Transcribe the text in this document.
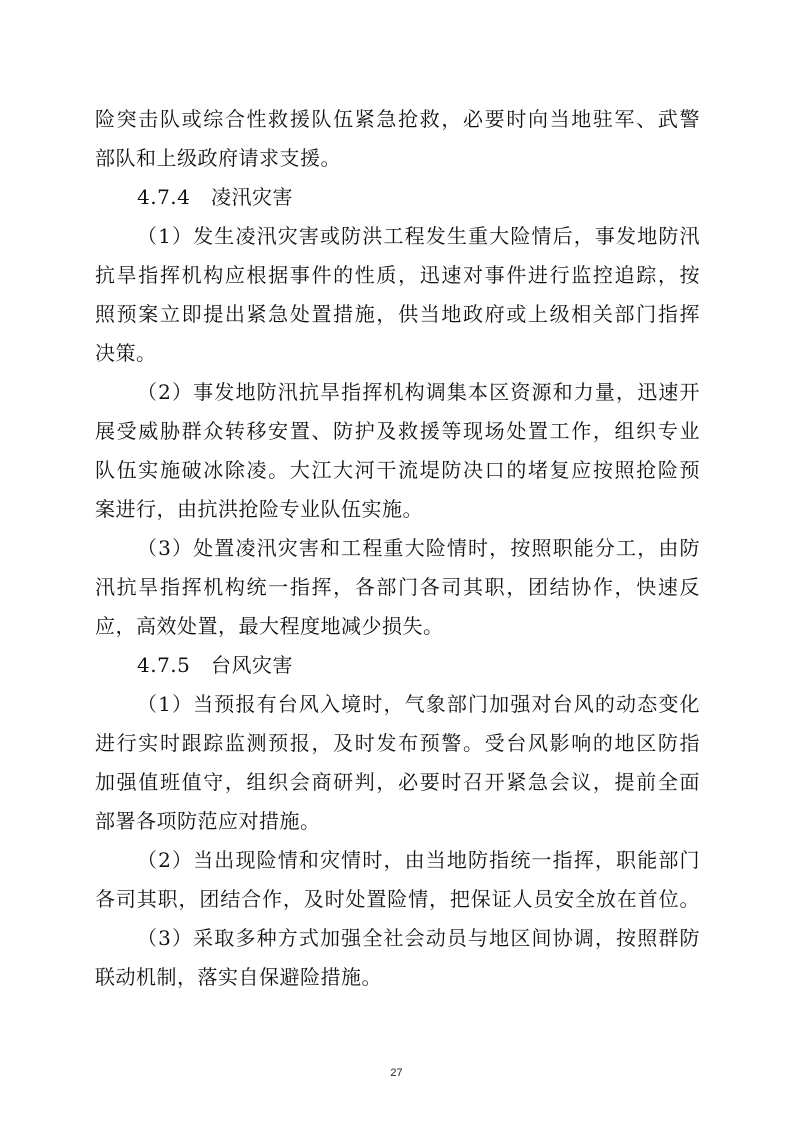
险突击队或综合性救援队伍紧急抢救，必要时向当地驻军、武警
部队和上级政府请求支援。
4.7.4 凌汛灾害
（1）发生凌汛灾害或防洪工程发生重大险情后，事发地防汛
抗旱指挥机构应根据事件的性质，迅速对事件进行监控追踪，按
照预案立即提出紧急处置措施，供当地政府或上级相关部门指挥
决策。
（2）事发地防汛抗旱指挥机构调集本区资源和力量，迅速开
展受威胁群众转移安置、防护及救援等现场处置工作，组织专业
队伍实施破冰除凌。大江大河干流堤防决口的堵复应按照抢险预
案进行，由抗洪抢险专业队伍实施。
（3）处置凌汛灾害和工程重大险情时，按照职能分工，由防
汛抗旱指挥机构统一指挥，各部门各司其职，团结协作，快速反
应，高效处置，最大程度地减少损失。
4.7.5 台风灾害
（1）当预报有台风入境时，气象部门加强对台风的动态变化
进行实时跟踪监测预报，及时发布预警。受台风影响的地区防指
加强值班值守，组织会商研判，必要时召开紧急会议，提前全面
部署各项防范应对措施。
（2）当出现险情和灾情时，由当地防指统一指挥，职能部门
各司其职，团结合作，及时处置险情，把保证人员安全放在首位。
（3）采取多种方式加强全社会动员与地区间协调，按照群防
联动机制，落实自保避险措施。
27
